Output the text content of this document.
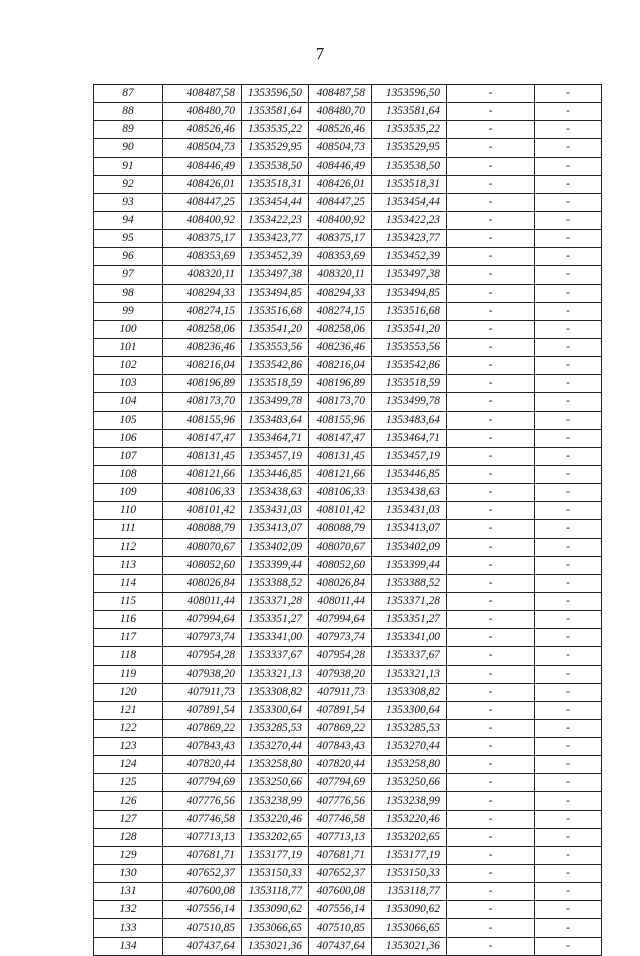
7
87	408487,58	1353596,50	408487,58	1353596,50	-	-
88	408480,70	1353581,64	408480,70	1353581,64	-	-
89	408526,46	1353535,22	408526,46	1353535,22	-	-
90	408504,73	1353529,95	408504,73	1353529,95	-	-
91	408446,49	1353538,50	408446,49	1353538,50	-	-
92	408426,01	1353518,31	408426,01	1353518,31	-	-
93	408447,25	1353454,44	408447,25	1353454,44	-	-
94	408400,92	1353422,23	408400,92	1353422,23	-	-
95	408375,17	1353423,77	408375,17	1353423,77	-	-
96	408353,69	1353452,39	408353,69	1353452,39	-	-
97	408320,11	1353497,38	408320,11	1353497,38	-	-
98	408294,33	1353494,85	408294,33	1353494,85	-	-
99	408274,15	1353516,68	408274,15	1353516,68	-	-
100	408258,06	1353541,20	408258,06	1353541,20	-	-
101	408236,46	1353553,56	408236,46	1353553,56	-	-
102	408216,04	1353542,86	408216,04	1353542,86	-	-
103	408196,89	1353518,59	408196,89	1353518,59	-	-
104	408173,70	1353499,78	408173,70	1353499,78	-	-
105	408155,96	1353483,64	408155,96	1353483,64	-	-
106	408147,47	1353464,71	408147,47	1353464,71	-	-
107	408131,45	1353457,19	408131,45	1353457,19	-	-
108	408121,66	1353446,85	408121,66	1353446,85	-	-
109	408106,33	1353438,63	408106,33	1353438,63	-	-
110	408101,42	1353431,03	408101,42	1353431,03	-	-
111	408088,79	1353413,07	408088,79	1353413,07	-	-
112	408070,67	1353402,09	408070,67	1353402,09	-	-
113	408052,60	1353399,44	408052,60	1353399,44	-	-
114	408026,84	1353388,52	408026,84	1353388,52	-	-
115	408011,44	1353371,28	408011,44	1353371,28	-	-
116	407994,64	1353351,27	407994,64	1353351,27	-	-
117	407973,74	1353341,00	407973,74	1353341,00	-	-
118	407954,28	1353337,67	407954,28	1353337,67	-	-
119	407938,20	1353321,13	407938,20	1353321,13	-	-
120	407911,73	1353308,82	407911,73	1353308,82	-	-
121	407891,54	1353300,64	407891,54	1353300,64	-	-
122	407869,22	1353285,53	407869,22	1353285,53	-	-
123	407843,43	1353270,44	407843,43	1353270,44	-	-
124	407820,44	1353258,80	407820,44	1353258,80	-	-
125	407794,69	1353250,66	407794,69	1353250,66	-	-
126	407776,56	1353238,99	407776,56	1353238,99	-	-
127	407746,58	1353220,46	407746,58	1353220,46	-	-
128	407713,13	1353202,65	407713,13	1353202,65	-	-
129	407681,71	1353177,19	407681,71	1353177,19	-	-
130	407652,37	1353150,33	407652,37	1353150,33	-	-
131	407600,08	1353118,77	407600,08	1353118,77	-	-
132	407556,14	1353090,62	407556,14	1353090,62	-	-
133	407510,85	1353066,65	407510,85	1353066,65	-	-
134	407437,64	1353021,36	407437,64	1353021,36	-	-
